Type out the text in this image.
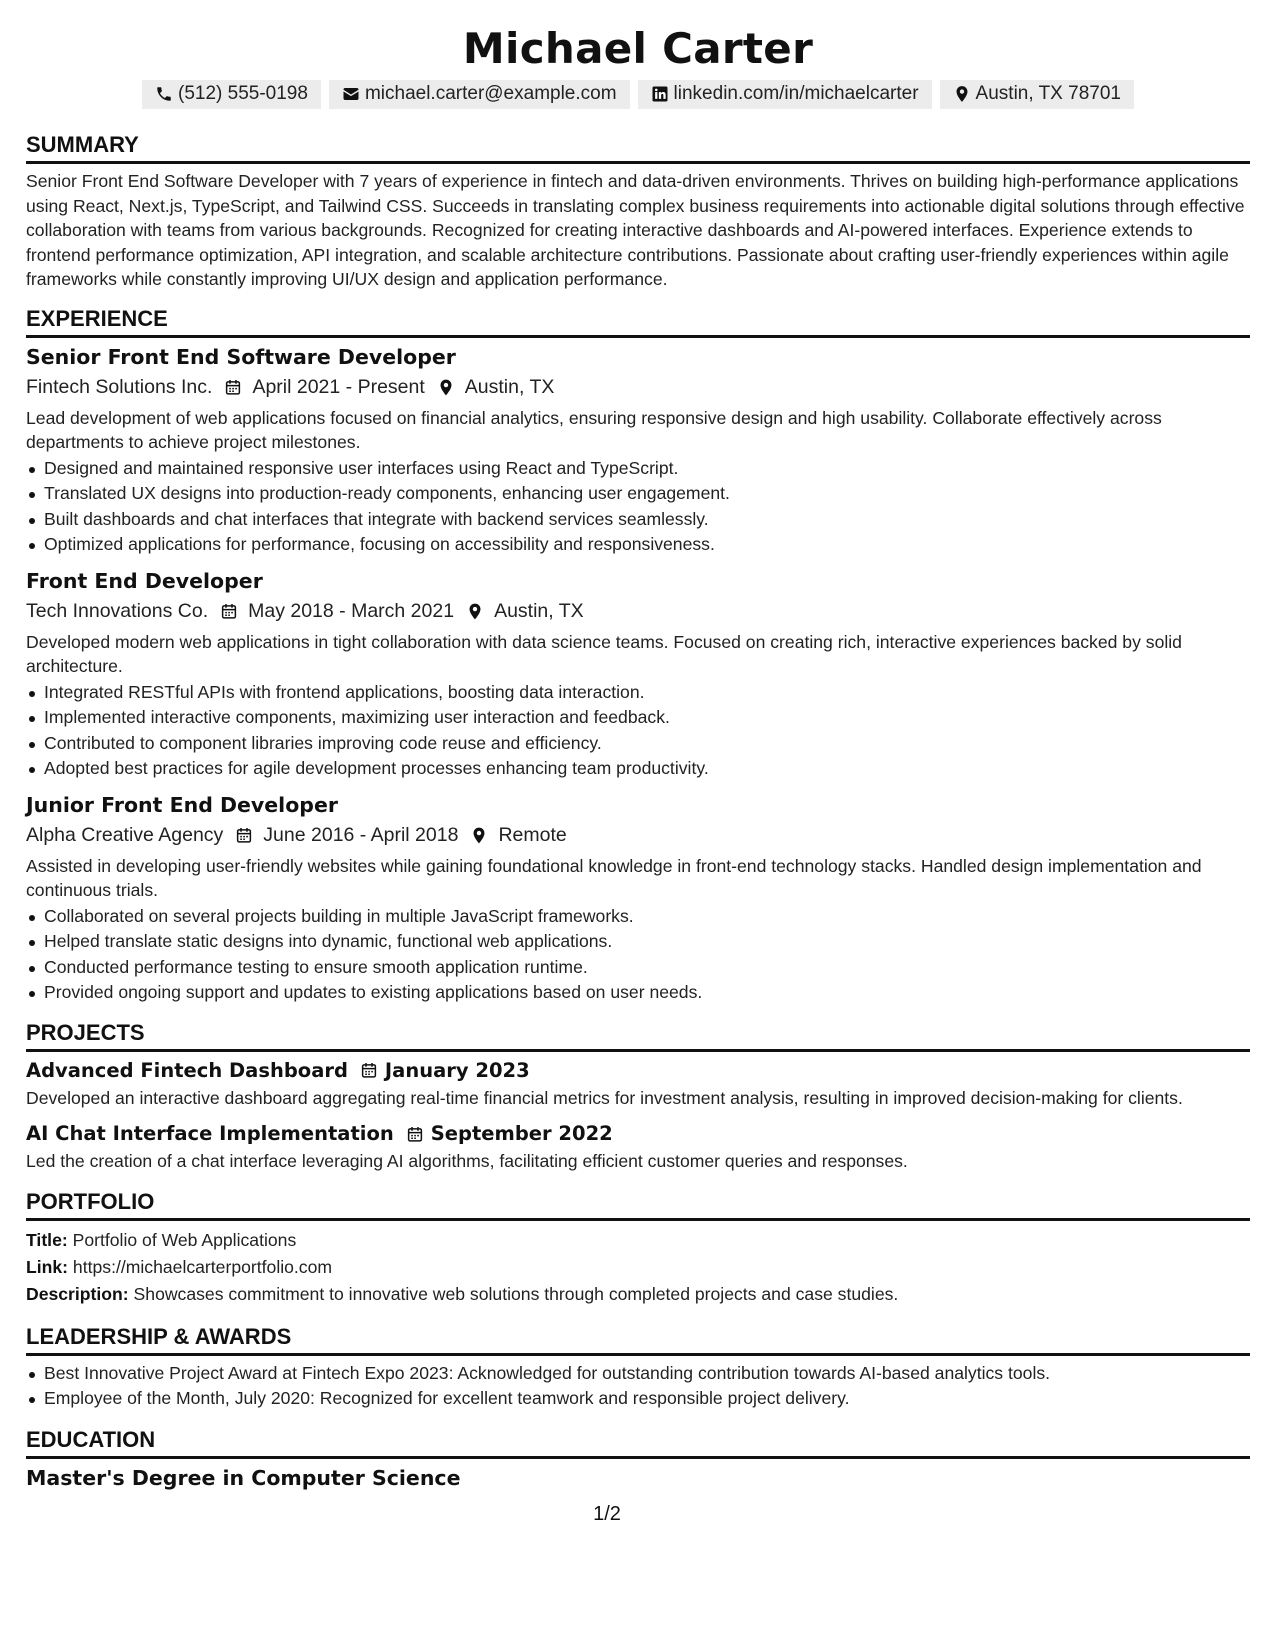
Michael Carter
(512) 555-0198	michael.carter@example.com	linkedin.com/in/michaelcarter	Austin, TX 78701
SUMMARY

Senior Front End Software Developer with 7 years of experience in fintech and data-driven environments. Thrives on building high-performance applications using React, Next.js, TypeScript, and Tailwind CSS. Succeeds in translating complex business requirements into actionable digital solutions through effective collaboration with teams from various backgrounds. Recognized for creating interactive dashboards and AI-powered interfaces. Experience extends to frontend performance optimization, API integration, and scalable architecture contributions. Passionate about crafting user-friendly experiences within agile frameworks while constantly improving UI/UX design and application performance.

EXPERIENCE
Senior Front End Software Developer
Fintech Solutions Inc. April 2021 - Present Austin, TX

Lead development of web applications focused on financial analytics, ensuring responsive design and high usability. Collaborate effectively across departments to achieve project milestones.

Designed and maintained responsive user interfaces using React and TypeScript.
Translated UX designs into production-ready components, enhancing user engagement.
Built dashboards and chat interfaces that integrate with backend services seamlessly.
Optimized applications for performance, focusing on accessibility and responsiveness.
Front End Developer
Tech Innovations Co. May 2018 - March 2021 Austin, TX

Developed modern web applications in tight collaboration with data science teams. Focused on creating rich, interactive experiences backed by solid architecture.

Integrated RESTful APIs with frontend applications, boosting data interaction.
Implemented interactive components, maximizing user interaction and feedback.
Contributed to component libraries improving code reuse and efficiency.
Adopted best practices for agile development processes enhancing team productivity.
Junior Front End Developer
Alpha Creative Agency June 2016 - April 2018 Remote

Assisted in developing user-friendly websites while gaining foundational knowledge in front-end technology stacks. Handled design implementation and continuous trials.

Collaborated on several projects building in multiple JavaScript frameworks.
Helped translate static designs into dynamic, functional web applications.
Conducted performance testing to ensure smooth application runtime.
Provided ongoing support and updates to existing applications based on user needs.
PROJECTS
Advanced Fintech Dashboard January 2023

Developed an interactive dashboard aggregating real-time financial metrics for investment analysis, resulting in improved decision-making for clients.

AI Chat Interface Implementation September 2022

Led the creation of a chat interface leveraging AI algorithms, facilitating efficient customer queries and responses.

PORTFOLIO
Title: Portfolio of Web Applications
Link: https://michaelcarterportfolio.com
Description: Showcases commitment to innovative web solutions through completed projects and case studies.
LEADERSHIP & AWARDS
Best Innovative Project Award at Fintech Expo 2023: Acknowledged for outstanding contribution towards AI-based analytics tools.
Employee of the Month, July 2020: Recognized for excellent teamwork and responsible project delivery.
EDUCATION
Master's Degree in Computer Science
1/2
